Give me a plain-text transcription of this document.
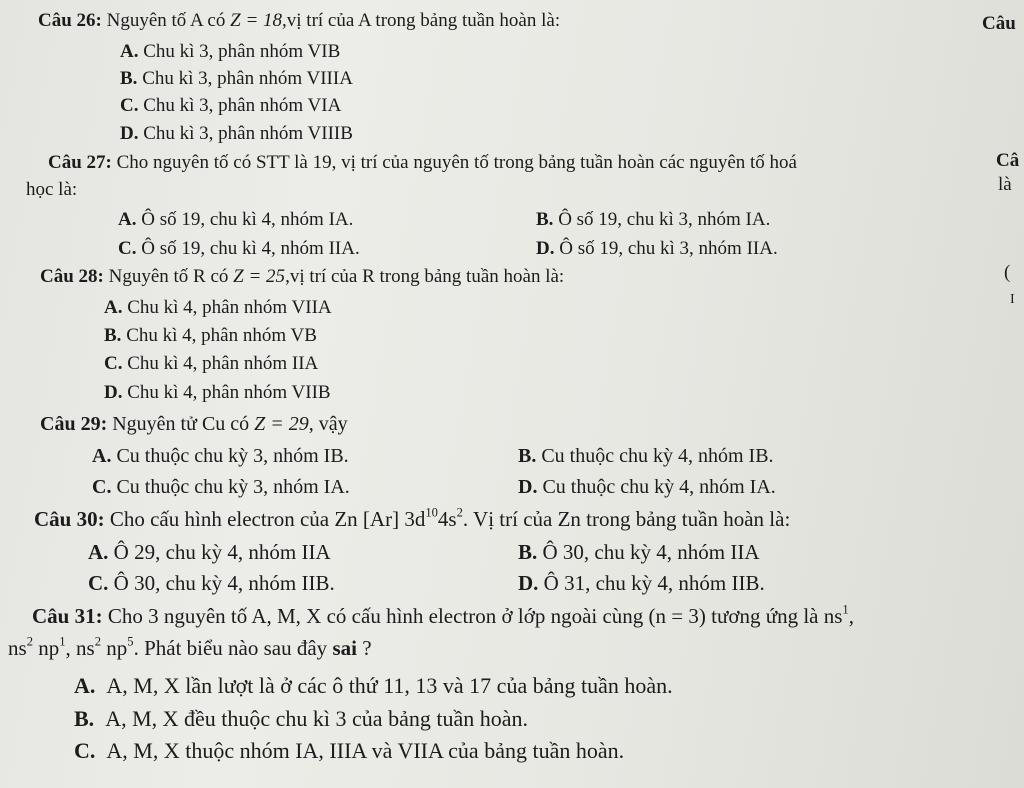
Câu 26: Nguyên tố A có Z = 18,vị trí của A trong bảng tuần hoàn là:
A. Chu kì 3, phân nhóm VIB
B. Chu kì 3, phân nhóm VIIIA
C. Chu kì 3, phân nhóm VIA
D. Chu kì 3, phân nhóm VIIIB
Câu 27: Cho nguyên tố có STT là 19, vị trí của nguyên tố trong bảng tuần hoàn các nguyên tố hoá
học là:
A. Ô số 19, chu kì 4, nhóm IA.	B. Ô số 19, chu kì 3, nhóm IA.
C. Ô số 19, chu kì 4, nhóm IIA.	D. Ô số 19, chu kì 3, nhóm IIA.
Câu 28: Nguyên tố R có Z = 25,vị trí của R trong bảng tuần hoàn là:
A. Chu kì 4, phân nhóm VIIA
B. Chu kì 4, phân nhóm VB
C. Chu kì 4, phân nhóm IIA
D. Chu kì 4, phân nhóm VIIB
Câu 29: Nguyên tử Cu có Z = 29, vậy
A. Cu thuộc chu kỳ 3, nhóm IB.	B. Cu thuộc chu kỳ 4, nhóm IB.
C. Cu thuộc chu kỳ 3, nhóm IA.	D. Cu thuộc chu kỳ 4, nhóm IA.
Câu 30: Cho cấu hình electron của Zn [Ar] $3d^{10}4s^2$. Vị trí của Zn trong bảng tuần hoàn là:
A. Ô 29, chu kỳ 4, nhóm IIA	B. Ô 30, chu kỳ 4, nhóm IIA
C. Ô 30, chu kỳ 4, nhóm IIB.	D. Ô 31, chu kỳ 4, nhóm IIB.
Câu 31: Cho 3 nguyên tố A, M, X có cấu hình electron ở lớp ngoài cùng (n = 3) tương ứng là $ns^1$,
$ns^2$ $np^1$, $ns^2$ $np^5$. Phát biểu nào sau đây sai ?
A. A, M, X lần lượt là ở các ô thứ 11, 13 và 17 của bảng tuần hoàn.
B. A, M, X đều thuộc chu kì 3 của bảng tuần hoàn.
C. A, M, X thuộc nhóm IA, IIIA và VIIA của bảng tuần hoàn.
Câu
Câ
là
(
I
